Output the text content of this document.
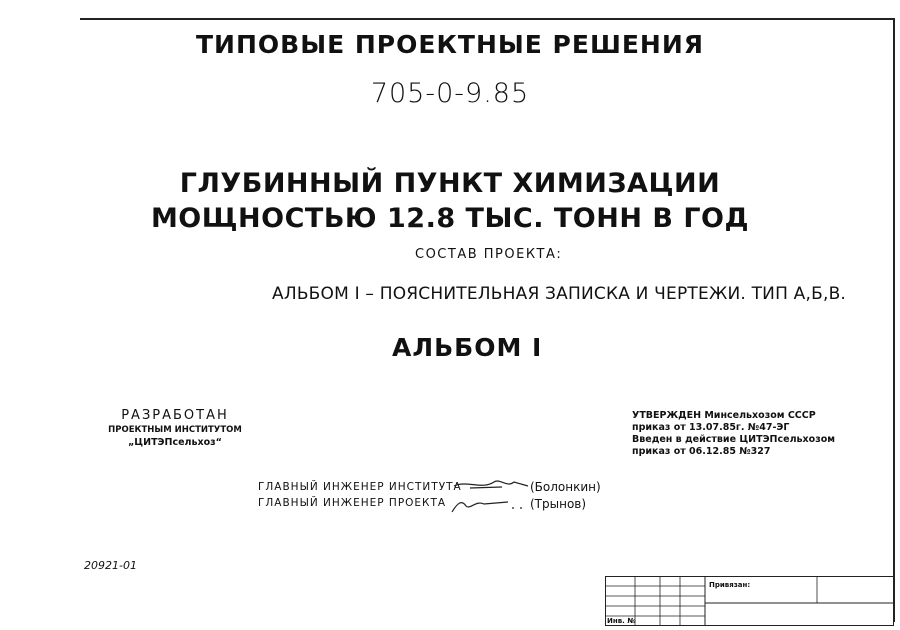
ТИПОВЫЕ ПРОЕКТНЫЕ РЕШЕНИЯ
705-0-9.85
ГЛУБИННЫЙ ПУНКТ ХИМИЗАЦИИ
МОЩНОСТЬЮ 12.8 ТЫС. ТОНН В ГОД
СОСТАВ ПРОЕКТА:
АЛЬБОМ I – ПОЯСНИТЕЛЬНАЯ ЗАПИСКА И ЧЕРТЕЖИ. ТИП А,Б,В.
АЛЬБОМ I
РАЗРАБОТАН
ПРОЕКТНЫМ ИНСТИТУТОМ
„ЦИТЭПсельхоз“
УТВЕРЖДЕН Минсельхозом СССР
приказ от 13.07.85г. №47-ЭГ
Введен в действие ЦИТЭПсельхозом
приказ от 06.12.85 №327
ГЛАВНЫЙ ИНЖЕНЕР ИНСТИТУТА	(Болонкин)
ГЛАВНЫЙ ИНЖЕНЕР ПРОЕКТА	(Трынов)
20921-01
Привязан:
Инв. №
